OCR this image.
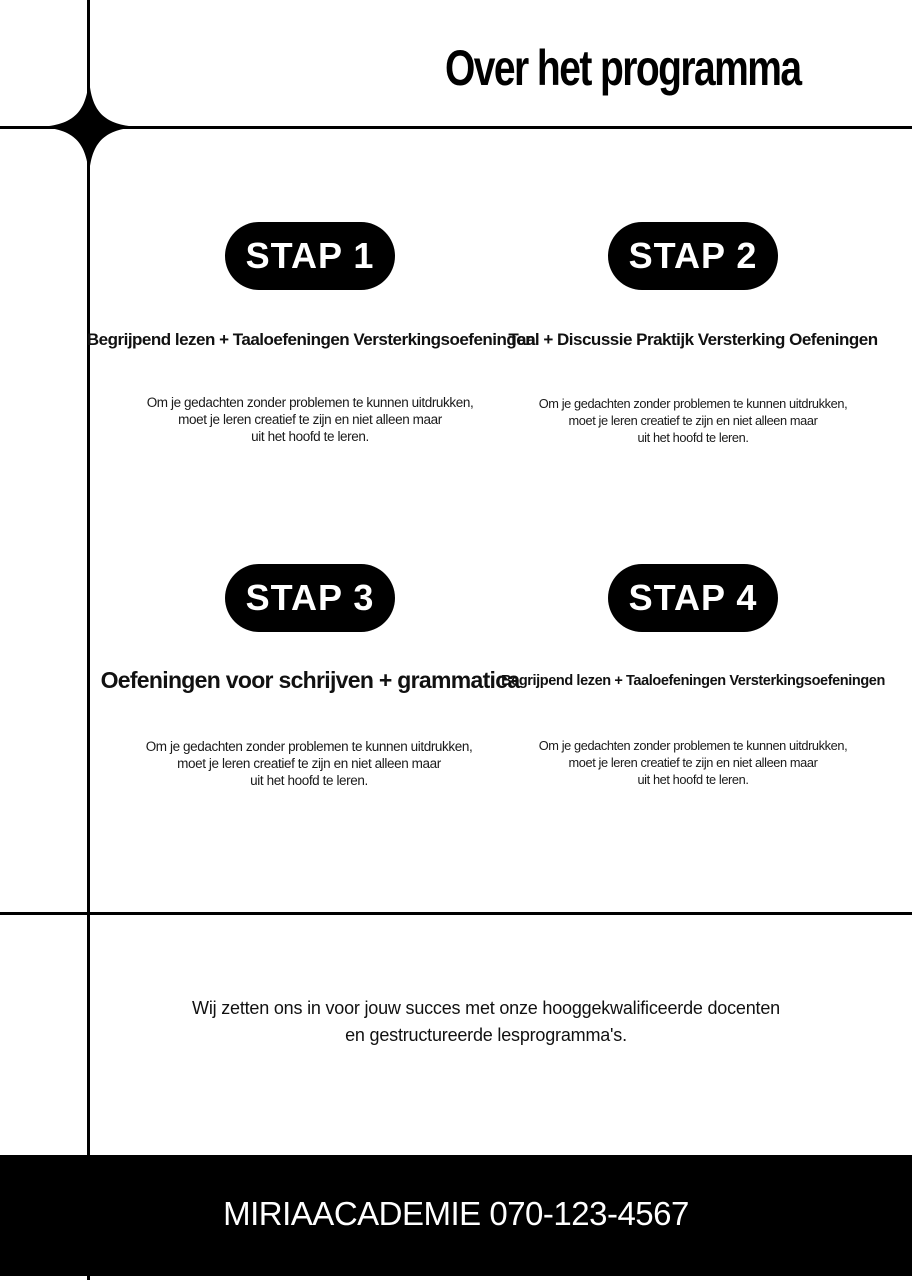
Over het programma
STAP 1
Begrijpend lezen + Taaloefeningen Versterkingsoefeningen
Om je gedachten zonder problemen te kunnen uitdrukken,
moet je leren creatief te zijn en niet alleen maar
uit het hoofd te leren.
STAP 2
Taal + Discussie Praktijk Versterking Oefeningen
Om je gedachten zonder problemen te kunnen uitdrukken,
moet je leren creatief te zijn en niet alleen maar
uit het hoofd te leren.
STAP 3
Oefeningen voor schrijven + grammatica
Om je gedachten zonder problemen te kunnen uitdrukken,
moet je leren creatief te zijn en niet alleen maar
uit het hoofd te leren.
STAP 4
Begrijpend lezen + Taaloefeningen Versterkingsoefeningen
Om je gedachten zonder problemen te kunnen uitdrukken,
moet je leren creatief te zijn en niet alleen maar
uit het hoofd te leren.
Wij zetten ons in voor jouw succes met onze hooggekwalificeerde docenten
en gestructureerde lesprogramma's.
MIRIAACADEMIE 070-123-4567
